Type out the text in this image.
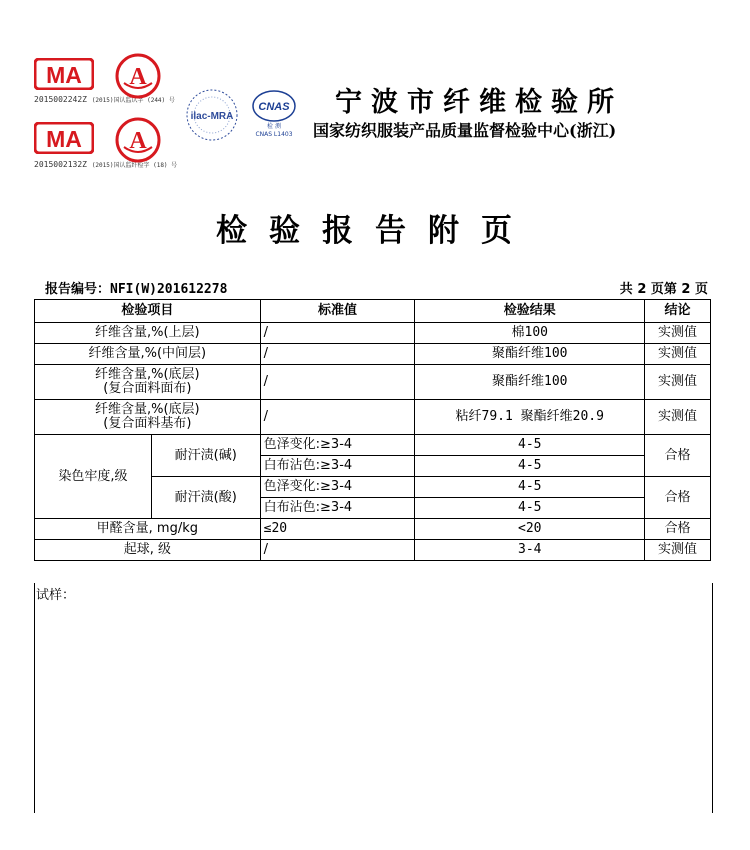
MA
2015002242Z (2015)国认监认字 (244) 号
A
MA
2015002132Z (2015)国认监纤检字 (18) 号
A
ilac-MRA
CNAS
检 测
CNAS L1403
宁波市纤维检验所
国家纺织服装产品质量监督检验中心(浙江)
检验报告附页
报告编号：NFI(W)201612278	共 2 页第 2 页
检验项目		标准值	检验结果	结论
纤维含量,%(上层)		/	棉100	实测值
纤维含量,%(中间层)		/	聚酯纤维100	实测值
纤维含量,%(底层)
(复合面料面布)		/	聚酯纤维100	实测值
纤维含量,%(底层)
(复合面料基布)		/	粘纤79.1 聚酯纤维20.9	实测值
染色牢度,级	耐汗渍(碱)	色泽变化:≥3-4	4-5	合格
		白布沾色:≥3-4	4-5	
	耐汗渍(酸)	色泽变化:≥3-4	4-5	合格
		白布沾色:≥3-4	4-5	
甲醛含量, mg/kg		≤20	<20	合格
起球, 级		/	3-4	实测值
试样：
